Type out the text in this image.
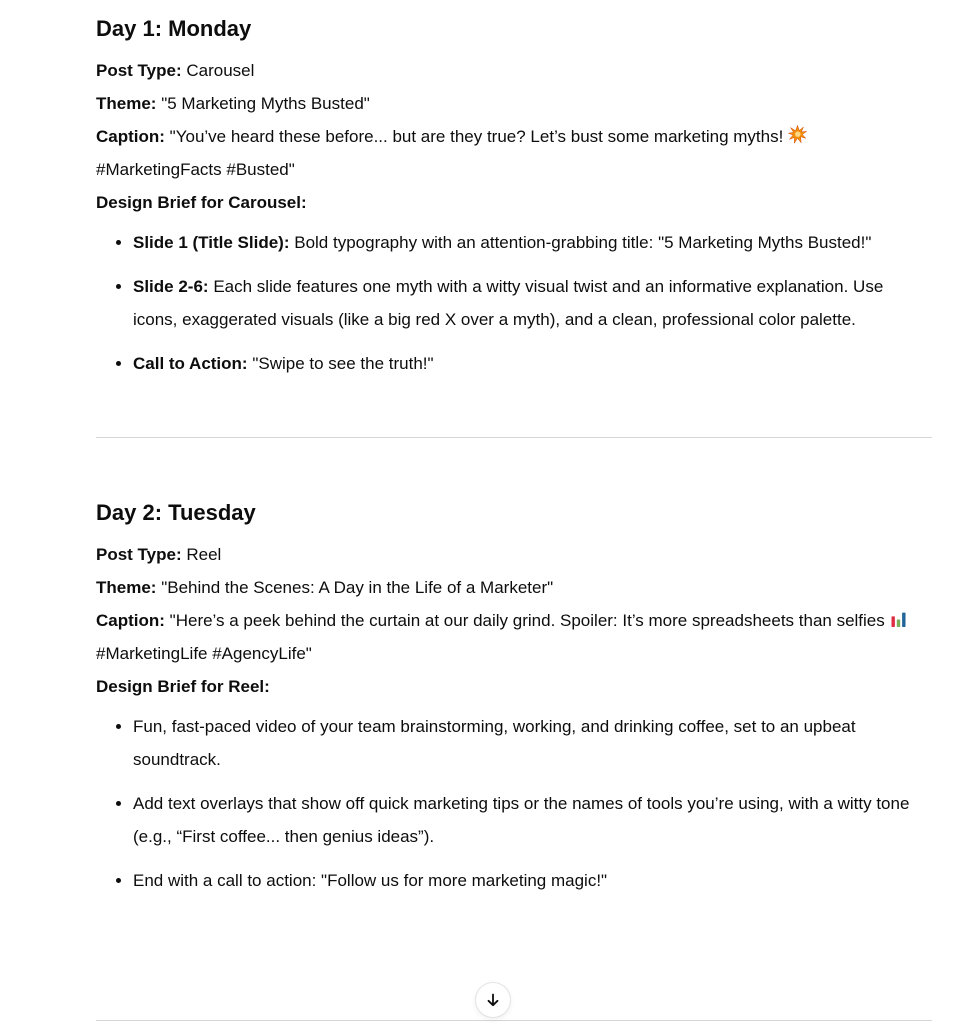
Day 1: Monday
Post Type: Carousel
Theme: "5 Marketing Myths Busted"
Caption: "You’ve heard these before... but are they true? Let’s bust some marketing myths!#MarketingFacts #Busted"
Design Brief for Carousel:
• Slide 1 (Title Slide): Bold typography with an attention-grabbing title: "5 Marketing Myths Busted!"
• Slide 2-6: Each slide features one myth with a witty visual twist and an informative explanation. Use icons, exaggerated visuals (like a big red X over a myth), and a clean, professional color palette.
• Call to Action: "Swipe to see the truth!"
Day 2: Tuesday
Post Type: Reel
Theme: "Behind the Scenes: A Day in the Life of a Marketer"
Caption: "Here’s a peek behind the curtain at our daily grind. Spoiler: It’s more spreadsheets than selfies#MarketingLife #AgencyLife"
Design Brief for Reel:
• Fun, fast-paced video of your team brainstorming, working, and drinking coffee, set to an upbeat soundtrack.
• Add text overlays that show off quick marketing tips or the names of tools you’re using, with a witty tone (e.g., “First coffee... then genius ideas”).
• End with a call to action: "Follow us for more marketing magic!"
